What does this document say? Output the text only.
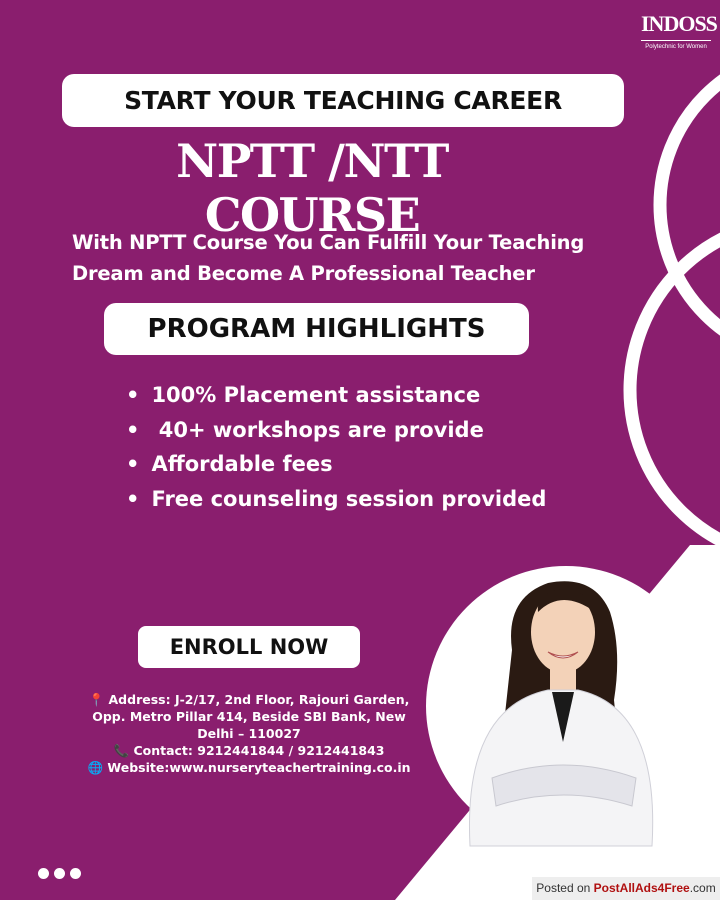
INDOSS
Polytechnic for Women
START YOUR TEACHING CAREER
NPTT /NTT COURSE
With NPTT Course You Can Fulfill Your Teaching
Dream and Become A Professional Teacher
PROGRAM HIGHLIGHTS
• 100% Placement assistance
• 40+ workshops are provide
• Affordable fees
• Free counseling session provided
ENROLL NOW
📍 Address: J-2/17, 2nd Floor, Rajouri Garden, Opp. Metro Pillar 414, Beside SBI Bank, New Delhi – 110027
📞 Contact: 9212441844 / 9212441843
🌐 Website:www.nurseryteachertraining.co.in
Posted on PostAllAds4Free.com
